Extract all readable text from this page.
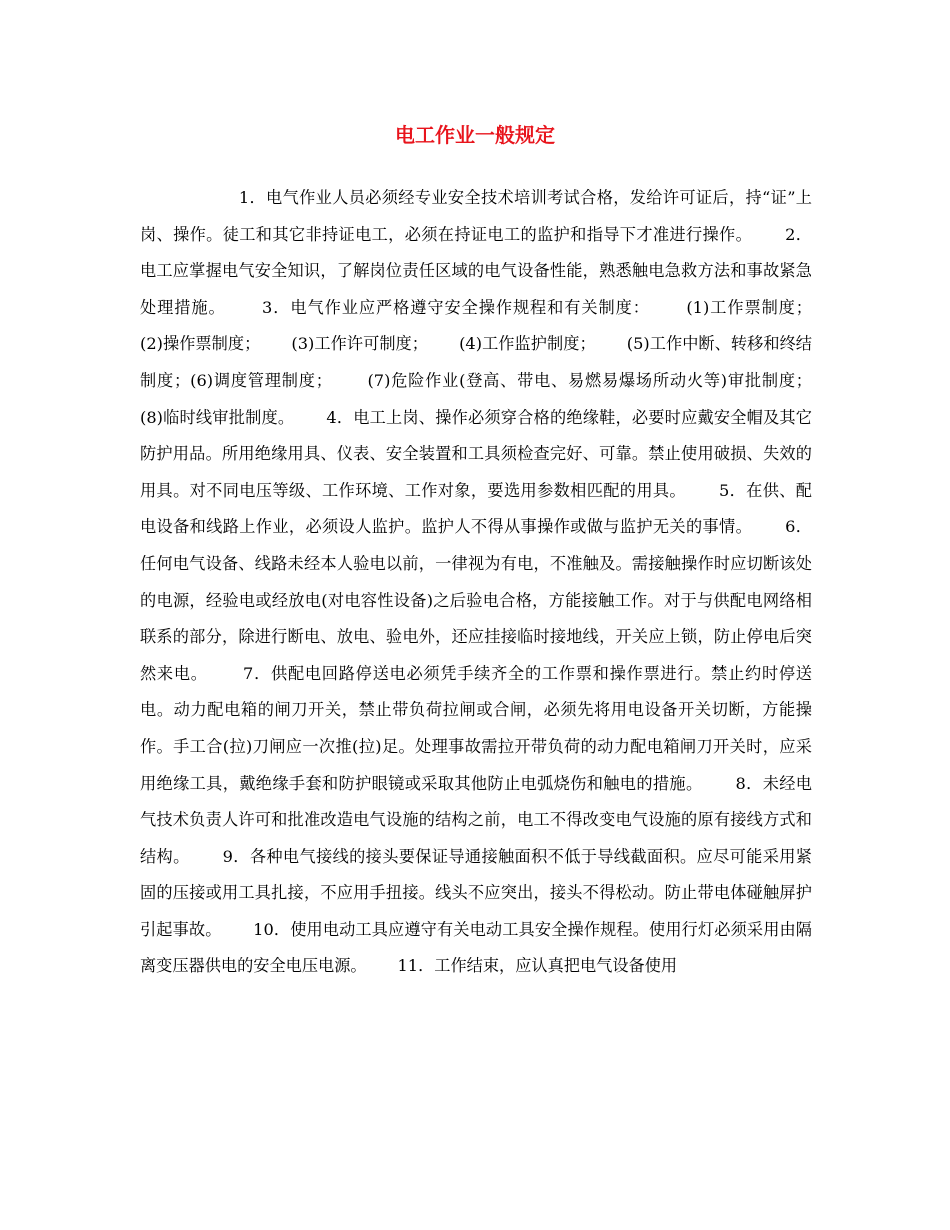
电工作业一般规定

1．电气作业人员必须经专业安全技术培训考试合格，发给许可证后，持“证”上岗、操作。徒工和其它非持证电工，必须在持证电工的监护和指导下才准进行操作。      2．电工应掌握电气安全知识，了解岗位责任区域的电气设备性能，熟悉触电急救方法和事故紧急处理措施。      3．电气作业应严格遵守安全操作规程和有关制度：      (1)工作票制度；      (2)操作票制度；      (3)工作许可制度；      (4)工作监护制度；      (5)工作中断、转移和终结制度；(6)调度管理制度；      (7)危险作业(登高、带电、易燃易爆场所动火等)审批制度；  (8)临时线审批制度。      4．电工上岗、操作必须穿合格的绝缘鞋，必要时应戴安全帽及其它防护用品。所用绝缘用具、仪表、安全装置和工具须检查完好、可靠。禁止使用破损、失效的用具。对不同电压等级、工作环境、工作对象，要选用参数相匹配的用具。      5．在供、配电设备和线路上作业，必须设人监护。监护人不得从事操作或做与监护无关的事情。      6．任何电气设备、线路未经本人验电以前，一律视为有电，不准触及。需接触操作时应切断该处的电源，经验电或经放电(对电容性设备)之后验电合格，方能接触工作。对于与供配电网络相联系的部分，除进行断电、放电、验电外，还应挂接临时接地线，开关应上锁，防止停电后突然来电。      7．供配电回路停送电必须凭手续齐全的工作票和操作票进行。禁止约时停送电。动力配电箱的闸刀开关，禁止带负荷拉闸或合闸，必须先将用电设备开关切断，方能操作。手工合(拉)刀闸应一次推(拉)足。处理事故需拉开带负荷的动力配电箱闸刀开关时，应采用绝缘工具，戴绝缘手套和防护眼镜或采取其他防止电弧烧伤和触电的措施。      8．未经电气技术负责人许可和批准改造电气设施的结构之前，电工不得改变电气设施的原有接线方式和结构。      9．各种电气接线的接头要保证导通接触面积不低于导线截面积。应尽可能采用紧固的压接或用工具扎接，不应用手扭接。线头不应突出，接头不得松动。防止带电体碰触屏护引起事故。      10．使用电动工具应遵守有关电动工具安全操作规程。使用行灯必须采用由隔离变压器供电的安全电压电源。      11．工作结束，应认真把电气设备使用
